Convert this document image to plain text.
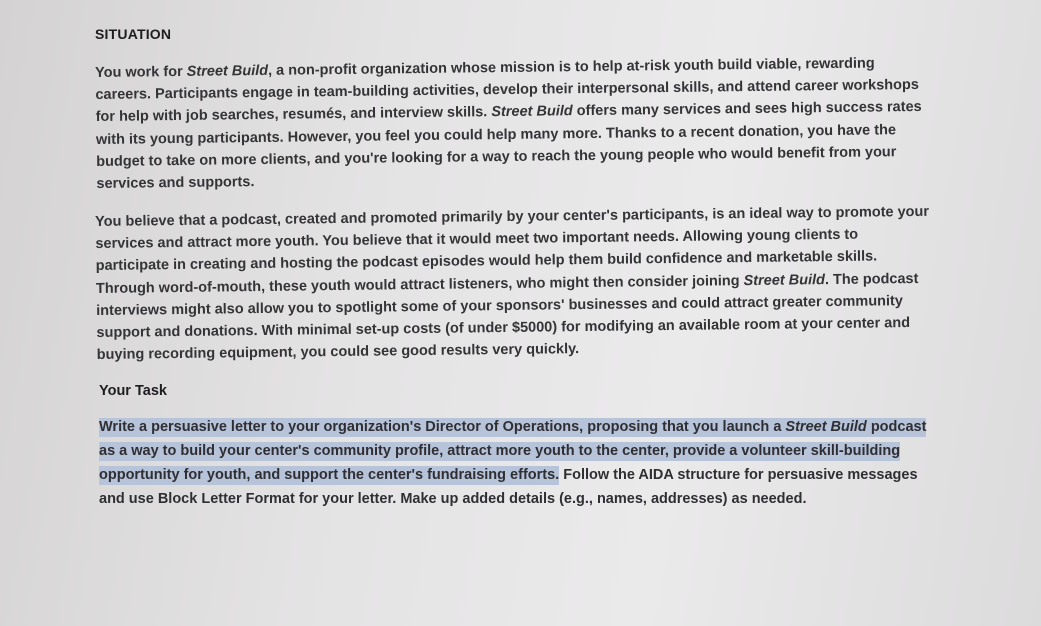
SITUATION

You work for Street Build, a non-profit organization whose mission is to help at-risk youth build viable, rewarding careers. Participants engage in team-building activities, develop their interpersonal skills, and attend career workshops for help with job searches, resumés, and interview skills. Street Build offers many services and sees high success rates with its young participants. However, you feel you could help many more. Thanks to a recent donation, you have the budget to take on more clients, and you're looking for a way to reach the young people who would benefit from your services and supports.

You believe that a podcast, created and promoted primarily by your center's participants, is an ideal way to promote your services and attract more youth. You believe that it would meet two important needs. Allowing young clients to participate in creating and hosting the podcast episodes would help them build confidence and marketable skills. Through word-of-mouth, these youth would attract listeners, who might then consider joining Street Build. The podcast interviews might also allow you to spotlight some of your sponsors' businesses and could attract greater community support and donations. With minimal set-up costs (of under $5000) for modifying an available room at your center and buying recording equipment, you could see good results very quickly.

Your Task
Write a persuasive letter to your organization's Director of Operations, proposing that you launch a Street Build podcast as a way to build your center's community profile, attract more youth to the center, provide a volunteer skill-building opportunity for youth, and support the center's fundraising efforts. Follow the AIDA structure for persuasive messages and use Block Letter Format for your letter. Make up added details (e.g., names, addresses) as needed.
